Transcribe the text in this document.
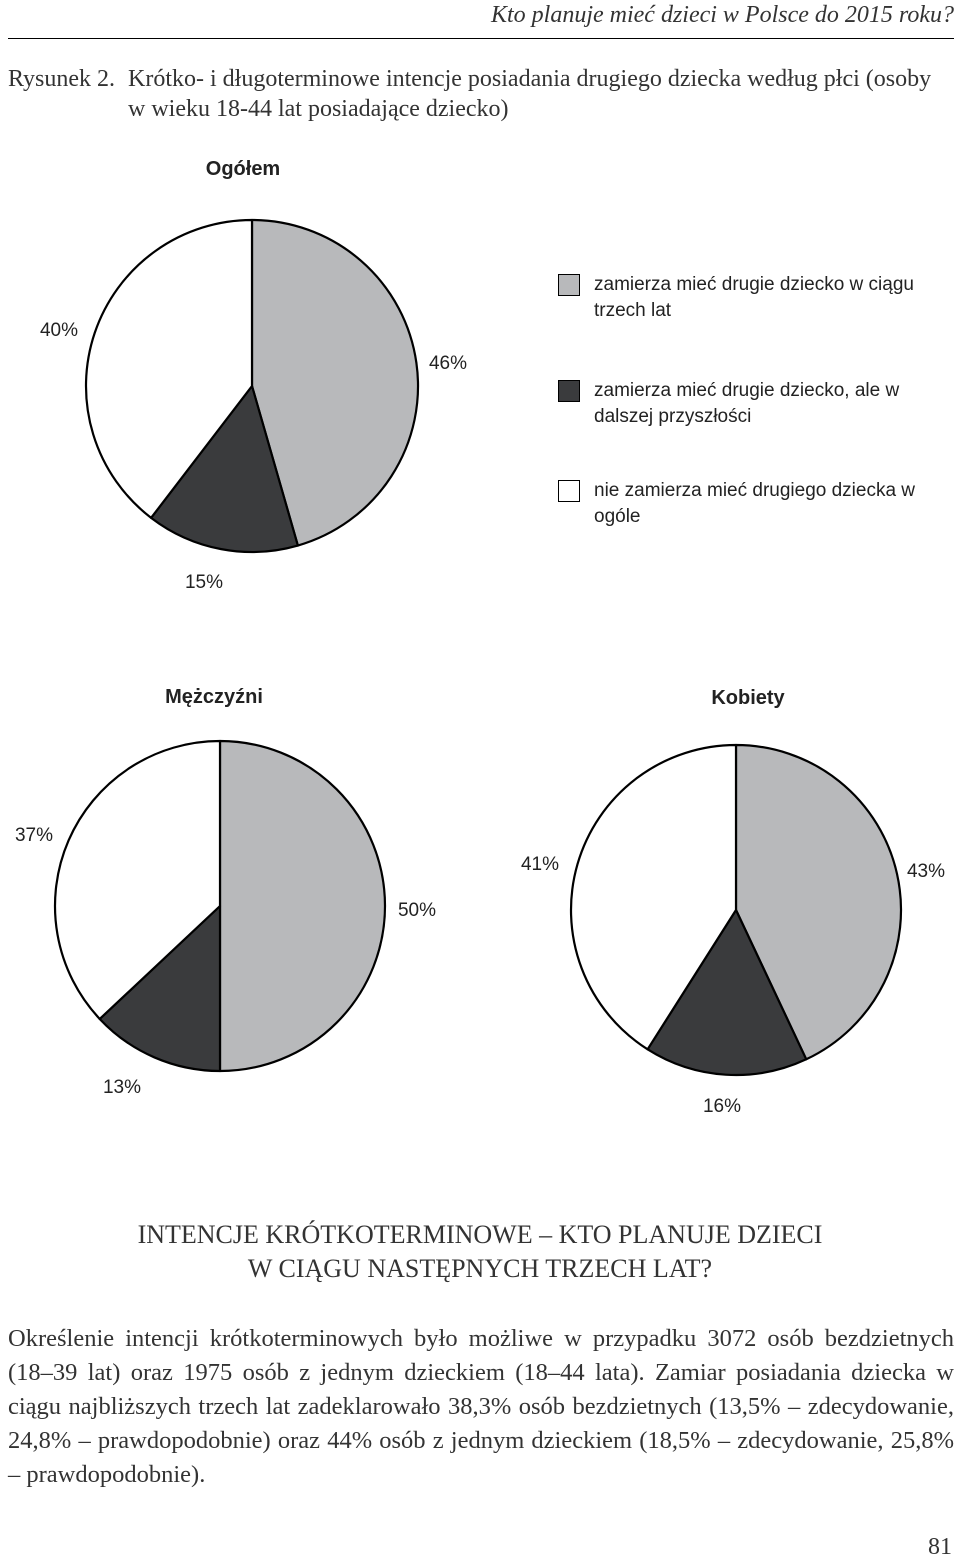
Kto planuje mieć dzieci w Polsce do 2015 roku?
Rysunek 2. Krótko- i długoterminowe intencje posiadania drugiego dziecka według płci (osoby w wieku 18-44 lat posiadające dziecko)
Ogółem
46%
15%
40%
Mężczyźni
50%
13%
37%
Kobiety
43%
16%
41%
zamierza mieć drugie dziecko w ciągu trzech lat
zamierza mieć drugie dziecko, ale w dalszej przyszłości
nie zamierza mieć drugiego dziecka w ogóle
INTENCJE KRÓTKOTERMINOWE – KTO PLANUJE DZIECI
W CIĄGU NASTĘPNYCH TRZECH LAT?
Określenie intencji krótkoterminowych było możliwe w przypadku 3072 osób bezdzietnych (18–39 lat) oraz 1975 osób z jednym dzieckiem (18–44 lata). Zamiar posiadania dziecka w ciągu najbliższych trzech lat zadeklarowało 38,3% osób bezdzietnych (13,5% – zdecydowanie, 24,8% – prawdopodobnie) oraz 44% osób z jednym dzieckiem (18,5% – zdecydowanie, 25,8% – prawdopodobnie).
81
